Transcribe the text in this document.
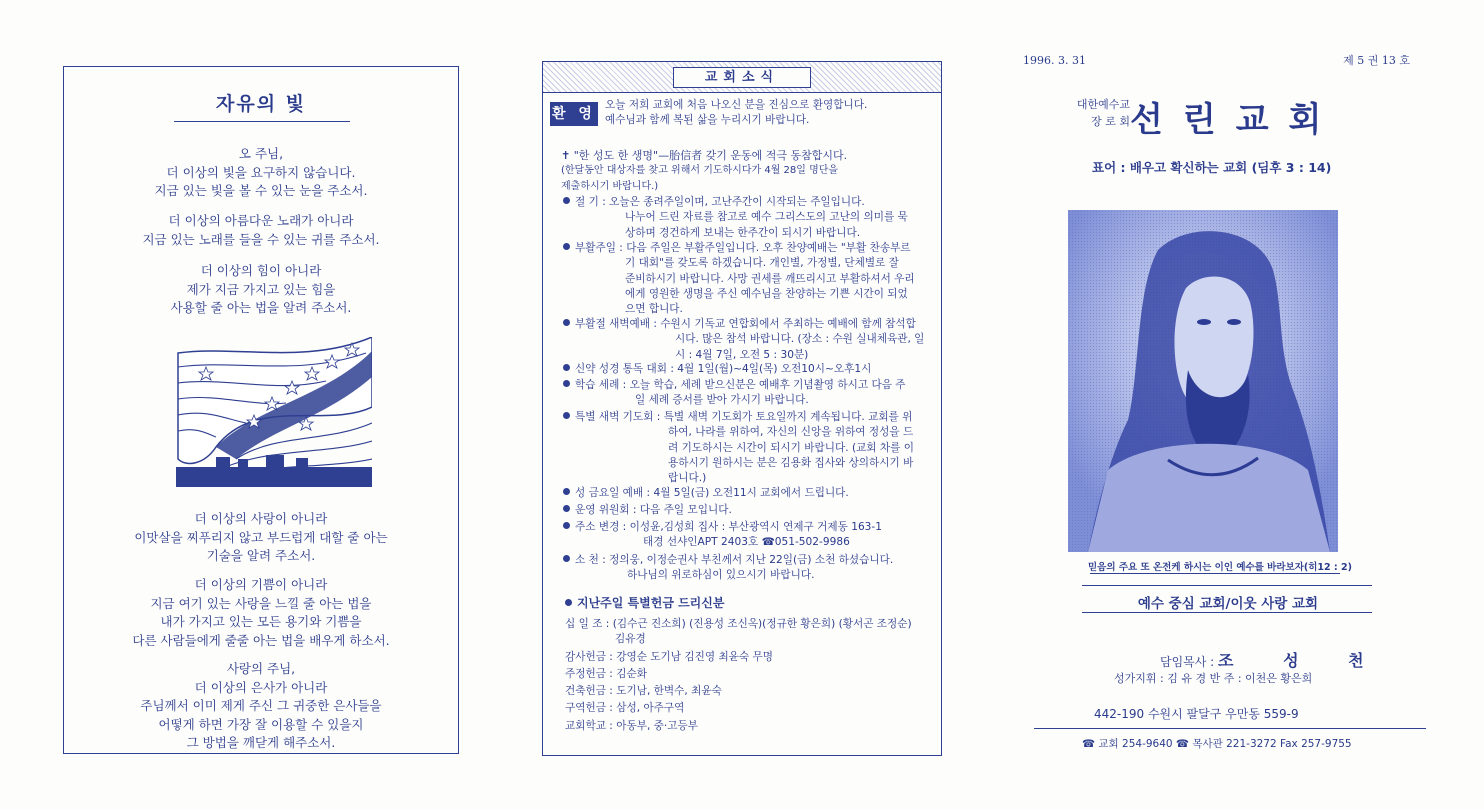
자유의 빛
오 주님,
더 이상의 빛을 요구하지 않습니다.
지금 있는 빛을 볼 수 있는 눈을 주소서.
더 이상의 아름다운 노래가 아니라
지금 있는 노래를 들을 수 있는 귀를 주소서.
더 이상의 힘이 아니라
제가 지금 가지고 있는 힘을
사용할 줄 아는 법을 알려 주소서.
더 이상의 사랑이 아니라
이맛살을 찌푸리지 않고 부드럽게 대할 줄 아는
기술을 알려 주소서.
더 이상의 기쁨이 아니라
지금 여기 있는 사랑을 느낄 줄 아는 법을
내가 가지고 있는 모든 용기와 기쁨을
다른 사람들에게 줄줄 아는 법을 배우게 하소서.
사랑의 주님,
더 이상의 은사가 아니라
주님께서 이미 제게 주신 그 귀중한 은사들을
어떻게 하면 가장 잘 이용할 수 있을지
그 방법을 깨닫게 해주소서.
교회소식
환 영
오늘 저희 교회에 처음 나오신 분을 진심으로 환영합니다.
예수님과 함께 복된 삶을 누리시기 바랍니다.
✝ "한 성도 한 생명"—胎信者 갖기 운동에 적극 동참합시다.
(한달동안 대상자를 찾고 위해서 기도하시다가 4월 28일 명단을
제출하시기 바랍니다.)
절 기 : 오늘은 종려주일이며, 고난주간이 시작되는 주일입니다.
나누어 드린 자료를 참고로 예수 그리스도의 고난의 의미를 묵
상하며 경건하게 보내는 한주간이 되시기 바랍니다.
부활주일 : 다음 주일은 부활주일입니다. 오후 찬양예배는 "부활 찬송부르
기 대회"를 갖도록 하겠습니다. 개인별, 가정별, 단체별로 잘
준비하시기 바랍니다. 사망 권세를 깨뜨리시고 부활하셔서 우리
에게 영원한 생명을 주신 예수님을 찬양하는 기쁜 시간이 되었
으면 합니다.
부활절 새벽예배 : 수원시 기독교 연합회에서 주최하는 예배에 함께 참석합
시다. 많은 참석 바랍니다. (장소 : 수원 실내체육관, 일
시 : 4월 7일, 오전 5 : 30분)
신약 성경 통독 대회 : 4월 1일(월)~4일(목) 오전10시~오후1시
학습 세례 : 오늘 학습, 세례 받으신분은 예배후 기념촬영 하시고 다음 주
일 세례 증서를 받아 가시기 바랍니다.
특별 새벽 기도회 : 특별 새벽 기도회가 토요일까지 계속됩니다. 교회를 위
하여, 나라를 위하여, 자신의 신앙을 위하여 정성을 드
려 기도하시는 시간이 되시기 바랍니다. (교회 차를 이
용하시기 원하시는 분은 김용화 집사와 상의하시기 바
랍니다.)
성 금요일 예배 : 4월 5일(금) 오전11시 교회에서 드립니다.
운영 위원회 : 다음 주일 모입니다.
주소 변경 : 이성윤,김성희 집사 : 부산광역시 연제구 거제동 163-1
태경 선샤인APT 2403호 ☎051-502-9986
소 천 : 정의웅, 이정순권사 부친께서 지난 22일(금) 소천 하셨습니다.
하나님의 위로하심이 있으시기 바랍니다.
지난주일 특별헌금 드리신분
십 일 조 : (김수근 진소희) (진용성 조신옥)(정규한 황은희) (황서곤 조정순)
김유경
감사헌금 : 강영순 도기남 김진영 최윤숙 무명
주정헌금 : 김순화
건축헌금 : 도기남, 한벽수, 최윤숙
구역헌금 : 삼성, 아주구역
교회학교 : 아동부, 중·고등부
1996. 3. 31	제 5 권 13 호
대한예수교
장 로 회 선린교회
표어 : 배우고 확신하는 교회 (딤후 3 : 14)
믿음의 주요 또 온전케 하시는 이인 예수를 바라보자(히12 : 2)
예수 중심 교회/이웃 사랑 교회
담임목사 : 조 성 천
성가지휘 : 김 유 경 반 주 : 이천은 황은희
442-190 수원시 팔달구 우만동 559-9
☎ 교회 254-9640 ☎ 목사관 221-3272 Fax 257-9755
